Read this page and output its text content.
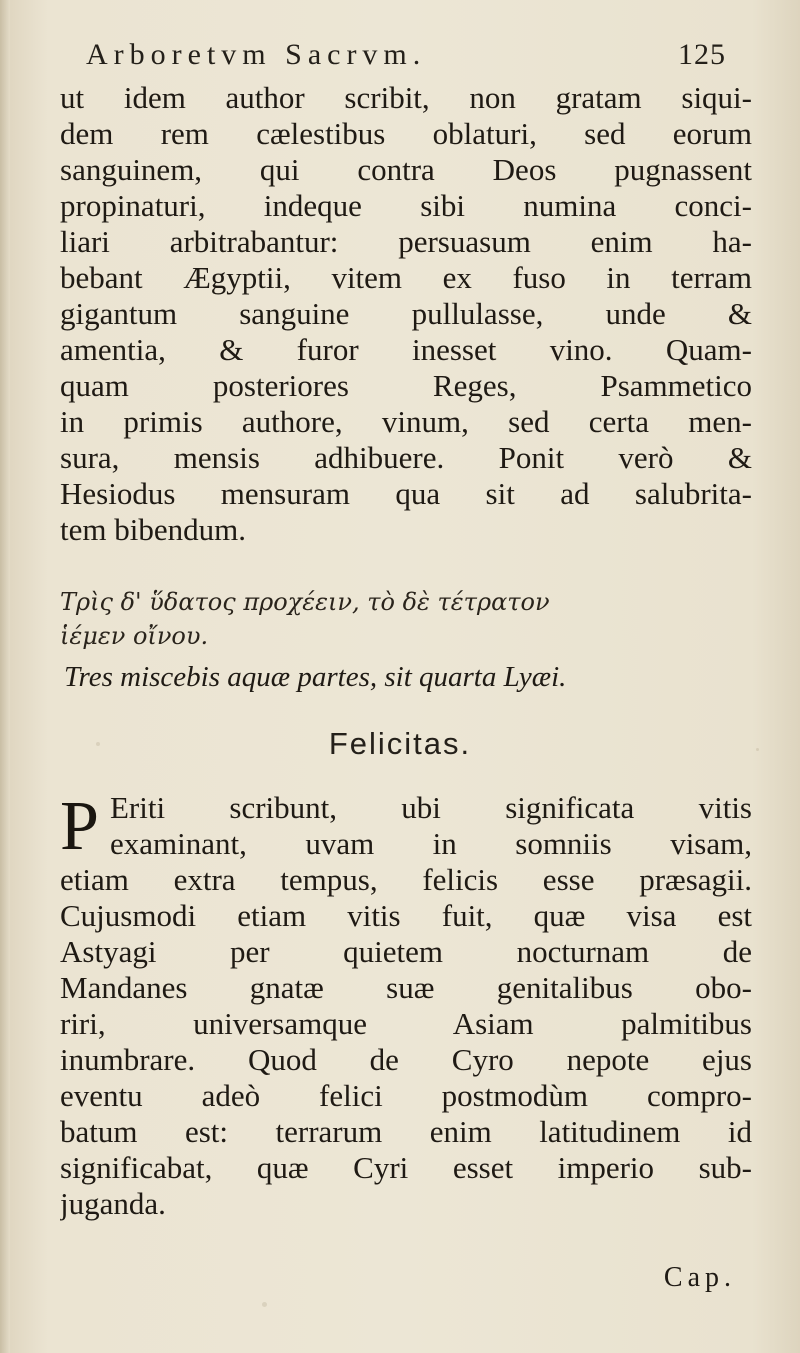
Arboretvm Sacrvm.	125
ut idem author scribit, non gratam siqui-
dem rem cælestibus oblaturi, sed eorum
sanguinem, qui contra Deos pugnassent
propinaturi, indeque sibi numina conci-
liari arbitrabantur: persuasum enim ha-
bebant Ægyptii, vitem ex fuso in terram
gigantum sanguine pullulasse, unde &
amentia, & furor inesset vino. Quam-
quam posteriores Reges, Psammetico
in primis authore, vinum, sed certa men-
sura, mensis adhibuere. Ponit verò &
Hesiodus mensuram qua sit ad salubrita-
tem bibendum.
Τρὶς δ' ὕδατος προχέειν, τὸ δὲ τέτρατον
ἱέμεν οἴνου.
Tres miscebis aquæ partes, sit quarta Lyæi.
Felicitas.
P Eriti scribunt, ubi significata vitis
examinant, uvam in somniis visam,
etiam extra tempus, felicis esse præsagii.
Cujusmodi etiam vitis fuit, quæ visa est
Astyagi per quietem nocturnam de
Mandanes gnatæ suæ genitalibus obo-
riri, universamque Asiam palmitibus
inumbrare. Quod de Cyro nepote ejus
eventu adeò felici postmodùm compro-
batum est: terrarum enim latitudinem id
significabat, quæ Cyri esset imperio sub-
juganda.
Cap.
